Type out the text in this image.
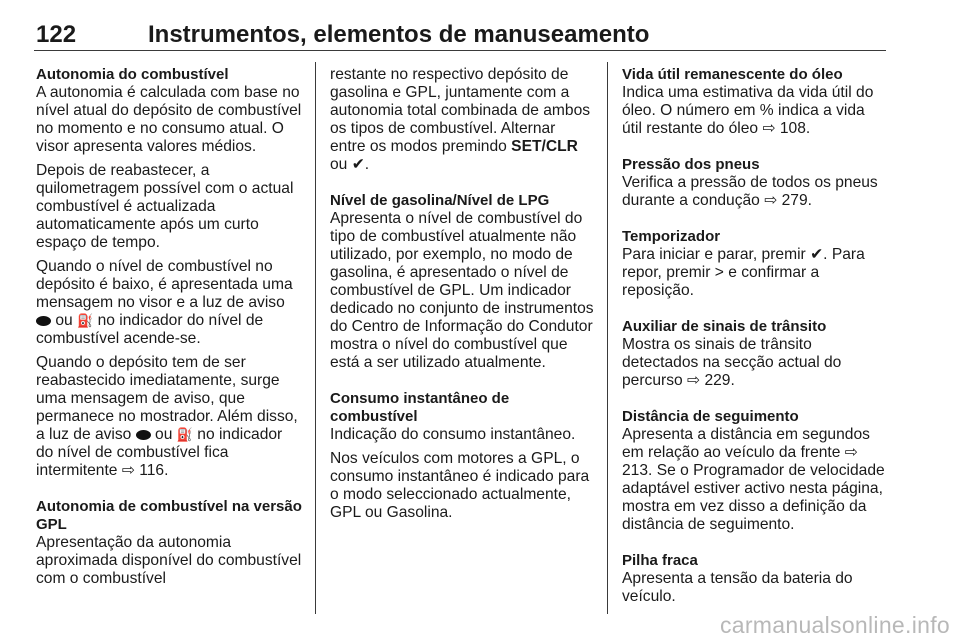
122	Instrumentos, elementos de manuseamento
Autonomia do combustível
A autonomia é calculada com base no nível atual do depósito de combustível no momento e no consumo atual. O visor apresenta valores médios.
Depois de reabastecer, a quilometragem possível com o actual combustível é actualizada automaticamente após um curto espaço de tempo.
Quando o nível de combustível no depósito é baixo, é apresentada uma mensagem no visor e a luz de aviso  ou ⛽ no indicador do nível de combustível acende-se.
Quando o depósito tem de ser reabastecido imediatamente, surge uma mensagem de aviso, que permanece no mostrador. Além disso, a luz de aviso ou ⛽ no indicador do nível de combustível fica intermitente ⇨ 116.
Autonomia de combustível na versão GPL
Apresentação da autonomia aproximada disponível do combustível com o combustível
restante no respectivo depósito de gasolina e GPL, juntamente com a autonomia total combinada de ambos os tipos de combustível. Alternar entre os modos premindo SET/CLR ou ✔.
Nível de gasolina/Nível de LPG
Apresenta o nível de combustível do tipo de combustível atualmente não utilizado, por exemplo, no modo de gasolina, é apresentado o nível de combustível de GPL. Um indicador dedicado no conjunto de instrumentos do Centro de Informação do Condutor mostra o nível do combustível que está a ser utilizado atualmente.
Consumo instantâneo de combustível
Indicação do consumo instantâneo.
Nos veículos com motores a GPL, o consumo instantâneo é indicado para o modo seleccionado actualmente, GPL ou Gasolina.
Vida útil remanescente do óleo
Indica uma estimativa da vida útil do óleo. O número em % indica a vida útil restante do óleo ⇨ 108.
Pressão dos pneus
Verifica a pressão de todos os pneus durante a condução ⇨ 279.
Temporizador
Para iniciar e parar, premir ✔. Para repor, premir > e confirmar a reposição.
Auxiliar de sinais de trânsito
Mostra os sinais de trânsito detectados na secção actual do percurso ⇨ 229.
Distância de seguimento
Apresenta a distância em segundos em relação ao veículo da frente ⇨ 213. Se o Programador de velocidade adaptável estiver activo nesta página, mostra em vez disso a definição da distância de seguimento.
Pilha fraca
Apresenta a tensão da bateria do veículo.
carmanualsonline.info
